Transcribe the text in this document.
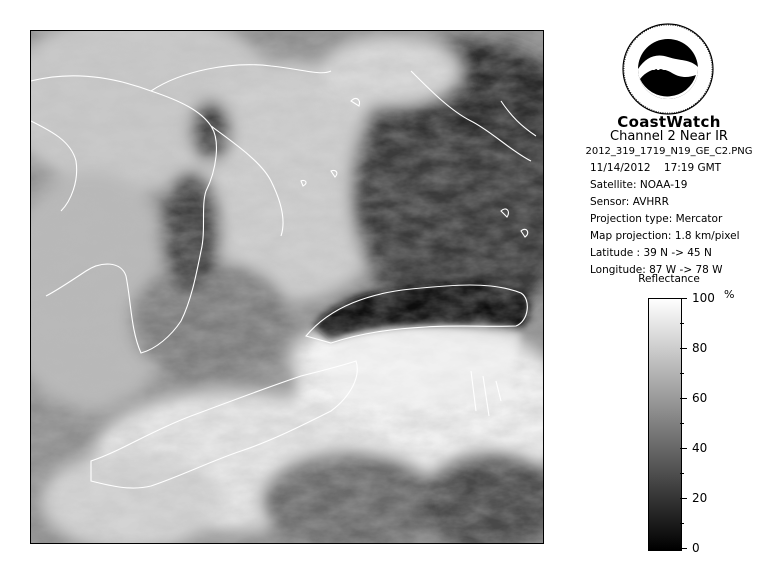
NOAA
CoastWatch
Channel 2 Near IR
2012_319_1719_N19_GE_C2.PNG
11/14/2012 17:19 GMT
Satellite: NOAA-19
Sensor: AVHRR
Projection type: Mercator
Map projection: 1.8 km/pixel
Latitude : 39 N -> 45 N
Longitude: 87 W -> 78 W
Reflectance
%
100
80
60
40
20
0
